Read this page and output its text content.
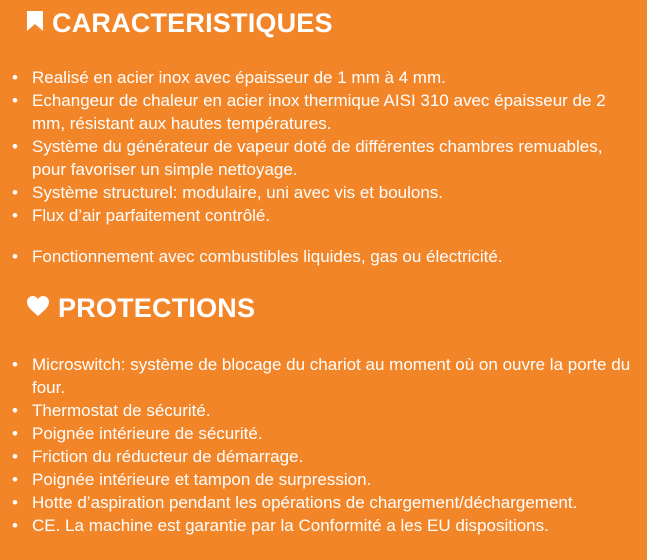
CARACTERISTIQUES
• Realisé en acier inox avec épaisseur de 1 mm à 4 mm.
• Echangeur de chaleur en acier inox thermique AISI 310 avec épaisseur de 2 mm, résistant aux hautes températures.
• Système du générateur de vapeur doté de différentes chambres remuables, pour favoriser un simple nettoyage.
• Système structurel: modulaire, uni avec vis et boulons.
• Flux d’air parfaitement contrôlé.
• Fonctionnement avec combustibles liquides, gas ou électricité.
PROTECTIONS
• Microswitch: système de blocage du chariot au moment où on ouvre la porte du four.
• Thermostat de sécurité.
• Poignée intérieure de sécurité.
• Friction du réducteur de démarrage.
• Poignée intérieure et tampon de surpression.
• Hotte d’aspiration pendant les opérations de chargement/déchargement.
• CE. La machine est garantie par la Conformité a les EU dispositions.
